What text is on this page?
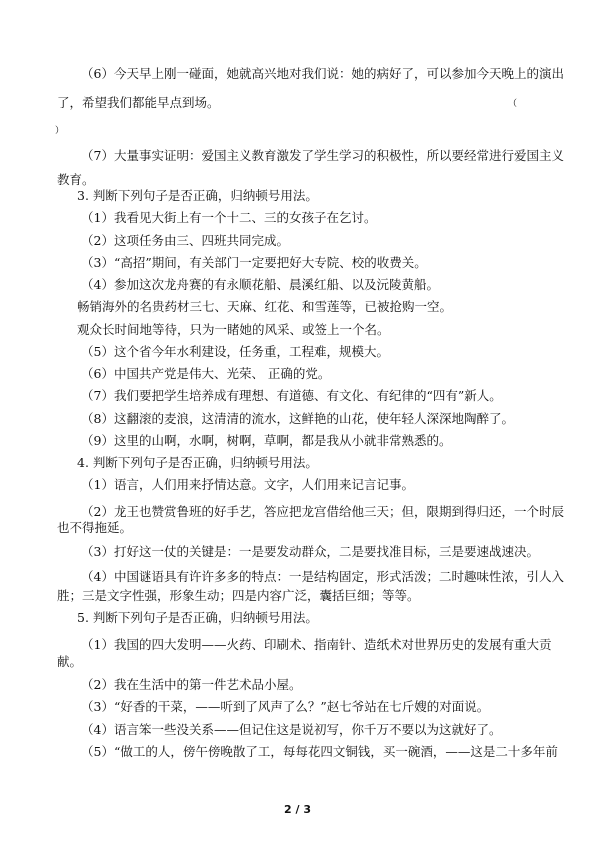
（6）今天早上刚一碰面，她就高兴地对我们说：她的病好了，可以参加今天晚上的演出
了，希望我们都能早点到场。	（
）
（7）大量事实证明：爱国主义教育激发了学生学习的积极性，所以要经常进行爱国主义
教育。
3. 判断下列句子是否正确，归纳顿号用法。
（1）我看见大街上有一个十二、三的女孩子在乞讨。
（2）这项任务由三、四班共同完成。
（3）“高招”期间，有关部门一定要把好大专院、校的收费关。
（4）参加这次龙舟赛的有永顺花船、晨溪红船、以及沅陵黄船。
畅销海外的名贵药材三七、天麻、红花、和雪莲等，已被抢购一空。
观众长时间地等待，只为一睹她的风采、或签上一个名。
（5）这个省今年水利建设，任务重，工程难，规模大。
（6）中国共产党是伟大、光荣、 正确的党。
（7）我们要把学生培养成有理想、有道德、有文化、有纪律的“四有”新人。
（8）这翻滚的麦浪，这清清的流水，这鲜艳的山花，使年轻人深深地陶醉了。
（9）这里的山啊，水啊，树啊，草啊，都是我从小就非常熟悉的。
4. 判断下列句子是否正确，归纳顿号用法。
（1）语言，人们用来抒情达意。文字，人们用来记言记事。
（2）龙王也赞赏鲁班的好手艺，答应把龙宫借给他三天；但，限期到得归还，一个时辰
也不得拖延。
（3）打好这一仗的关键是：一是要发动群众，二是要找准目标，三是要速战速决。
（4）中国谜语具有许许多多的特点：一是结构固定，形式活泼；二时趣味性浓，引人入
胜；三是文字性强，形象生动；四是内容广泛，囊括巨细；等等。
5. 判断下列句子是否正确，归纳顿号用法。
（1）我国的四大发明——火药、印刷术、指南针、造纸术对世界历史的发展有重大贡
献。
（2）我在生活中的第一件艺术品小屋。
（3）“好香的干菜，——听到了风声了么？”赵七爷站在七斤嫂的对面说。
（4）语言笨一些没关系——但记住这是说初写，你千万不要以为这就好了。
（5）“做工的人，傍午傍晚散了工，每每花四文铜钱，买一碗酒，——这是二十多年前
2 / 3
